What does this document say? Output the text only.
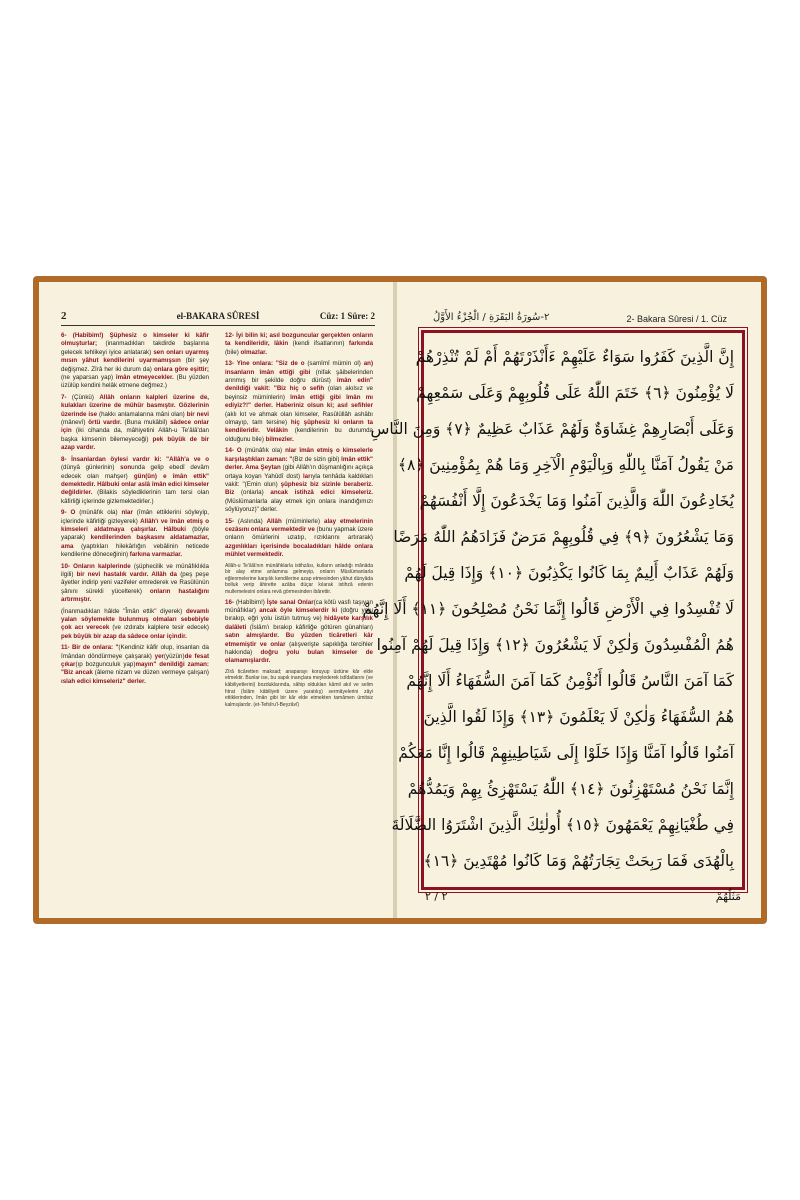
2	el-BAKARA SÛRESİ	Cüz: 1 Süre: 2

6- (Habîbim!) Şüphesiz o kimseler ki kâfir olmuşturlar; (inanmadıkları takdirde başlarına gelecek tehlikeyi iyice anlatarak) sen onları uyarmış mısın yâhut kendilerini uyarmamışsın (bir şey değişmez. Zîrâ her iki durum da) onlara göre eşittir; (ne yaparsan yap) îmân etmeyecekler. (Bu yüzden üzülüp kendini helâk etmene değmez.)

7- (Çünkü) Allâh onların kalpleri üzerine de, kulakları üzerine de mühür basmıştır. Gözlerinin üzerinde ise (hakkı anlamalarına mâni olan) bir nevi (mânevî) örtü vardır. (Buna mukâbil) sâdece onlar için (iki cihanda da, mâhiyetini Allâh-u Te'âlâ'dan başka kimsenin bilemeyeceği) pek büyük de bir azap vardır.

8- İnsanlardan öylesi vardır ki: "Allâh'a ve o (dünyâ günlerinin) sonunda gelip ebedî devâm edecek olan mahşer) gün(ün) e îmân ettik" demektedir. Hâlbuki onlar aslâ îmân edici kimseler değildirler. (Bilakis söylediklerinin tam tersi olan kâfirliği içlerinde gizlemektedirler.)

9- O (münâfık ola) nlar (îmân ettiklerini söyleyip, içlerinde kâfirliği gizleyerek) Allâh'ı ve îmân etmiş o kimseleri aldatmaya çalışırlar. Hâlbuki (böyle yaparak) kendilerinden başkasını aldatamazlar, ama (yaptıkları hilekârlığın vebâlinin neticede kendilerine döneceğinin) farkına varmazlar.

10- Onların kalplerinde (şüphecilik ve münâfıklıkla ilgili) bir nevi hastalık vardır. Allâh da (peş peşe âyetler indirip yeni vazifeler emrederek ve Rasûlünün şânını sürekli yücelterek) onların hastalığını artırmıştır.

(İnanmadıkları hâlde "Îmân ettik" diyerek) devamlı yalan söylemekte bulunmuş olmaları sebebiyle çok acı verecek (ve ızdırabı kalplere tesir edecek) pek büyük bir azap da sâdece onlar içindir.

11- Bir de onlara: "(Kendiniz kâfir olup, insanları da îmândan döndürmeye çalışarak) yer(yüzün)de fesat çıkar(ıp bozgunculuk yap)mayın" denildiği zaman: "Biz ancak (âleme nizam ve düzen vermeye çalışan) ıslah edici kimseleriz" derler.

12- İyi bilin ki; asıl bozguncular gerçekten onların ta kendileridir, lâkin (kendi ifsatlarının) farkında (bile) olmazlar.

13- Yine onlara: "Siz de o (samîmî mümin ol) an) insanların îmân ettiği gibi (nifak şâibelerinden arınmış bir şekilde doğru dürüst) îmân edin" denildiği vakit: "Biz hiç o sefih (olan akılsız ve beyinsiz müminlerin) îmân ettiği gibi îmân mı ediyiz?!" derler. Haberiniz olsun ki; asıl sefihler (aklı kıt ve ahmak olan kimseler, Rasûlüllâh ashâbı olmayıp, tam tersine) hiç şüphesiz ki onların ta kendileridir. Velâkin (kendilerinin bu durumda olduğunu bile) bilmezler.

14- O (münâfık ola) nlar îmân etmiş o kimselerle karşılaştıkları zaman: "(Biz de sizin gibi) îmân ettik" derler. Ama Şeytan (gibi Allâh'ın düşmanlığını açıkça ortaya koyan Yahûdî dost) larıyla tenhâda kaldıkları vakit: "(Emin olun) şüphesiz biz sizinle beraberiz. Biz (onlarla) ancak istihzâ edici kimseleriz. (Müslümanlarla alay etmek için onlara inandığımızı söylüyoruz)" derler.

15- (Aslında) Allâh (müminlerle) alay etmelerinin cezâsını onlara vermektedir ve (bunu yapmak üzere onların ömürlerini uzatıp, rızıklarını artırarak) azgınlıkları içerisinde bocaladıkları hâlde onlara mühlet vermektedir.

Allâh-u Te'âlâ'nın münâfıklarla istihzâsı, kulların anladığı mânâda bir alay etme anlamına gelmeyip, onların Müslümanlarla eğlenmelerine karşılık kendilerine azap etmesinden yâhut dünyâda bolluk verip âhirette azâba düçar kılarak istihzâ edenin mullemelesini onlara revâ görmesinden ibârettir.

16- (Habîbim!) İşte sanal Onlar(ca kötü vasfı taşıyan münâfıklar) ancak öyle kimselerdir ki (doğru yolu bırakıp, eğri yolu üstün tutmuş ve) hidâyete karşılık dalâleti (İslâm'ı bırakıp kâfirliğe götüren günahları) satın almışlardır. Bu yüzden ticâretleri kâr etmemiştir ve onlar (alışverişte sapıklığa tercihler hakkında) doğru yolu bulan kimseler de olamamışlardır.

Zîrâ ticâretten maksad; anaparayı koruyup üstüne kâr elde etmektir. Bunlar ise, bu sapık inançlara meylederek istîdatlarını (ve kâbiliyetlerini) bozduklarında, sâhip oldukları kâmil akıl ve selim fıtrat (İslâm kâbiliyeti üzere yaratılış) sermâyelerini zâyi ettiklerinden, îmân gibi bir kâr elde etmekten tamâmen ümitsiz kalmışlardır. (et-Tefsîru'l-Beyzâvî)

٢-سُورَةُ البَقَرَةِ / الْجُزْءُ الأَوَّلُ	2- Bakara Sûresi / 1. Cüz
إِنَّ الَّذِينَ كَفَرُوا سَوَاءٌ عَلَيْهِمْ ءَأَنْذَرْتَهُمْ أَمْ لَمْ تُنْذِرْهُمْ
لَا يُؤْمِنُونَ ﴿٦﴾ خَتَمَ اللّٰهُ عَلَى قُلُوبِهِمْ وَعَلَى سَمْعِهِمْ
وَعَلَى أَبْصَارِهِمْ غِشَاوَةٌ وَلَهُمْ عَذَابٌ عَظِيمٌ ﴿٧﴾ وَمِنَ النَّاسِ
مَنْ يَقُولُ آمَنَّا بِاللّٰهِ وَبِالْيَوْمِ الْآخِرِ وَمَا هُمْ بِمُؤْمِنِينَ ﴿٨﴾
يُخَادِعُونَ اللّٰهَ وَالَّذِينَ آمَنُوا وَمَا يَخْدَعُونَ إِلَّا أَنْفُسَهُمْ
وَمَا يَشْعُرُونَ ﴿٩﴾ فِي قُلُوبِهِمْ مَرَضٌ فَزَادَهُمُ اللّٰهُ مَرَضًا
وَلَهُمْ عَذَابٌ أَلِيمٌ بِمَا كَانُوا يَكْذِبُونَ ﴿١٠﴾ وَإِذَا قِيلَ لَهُمْ
لَا تُفْسِدُوا فِي الْأَرْضِ قَالُوا إِنَّمَا نَحْنُ مُصْلِحُونَ ﴿١١﴾ أَلَا إِنَّهُمْ
هُمُ الْمُفْسِدُونَ وَلٰكِنْ لَا يَشْعُرُونَ ﴿١٢﴾ وَإِذَا قِيلَ لَهُمْ آمِنُوا
كَمَا آمَنَ النَّاسُ قَالُوا أَنُؤْمِنُ كَمَا آمَنَ السُّفَهَاءُ أَلَا إِنَّهُمْ
هُمُ السُّفَهَاءُ وَلٰكِنْ لَا يَعْلَمُونَ ﴿١٣﴾ وَإِذَا لَقُوا الَّذِينَ
آمَنُوا قَالُوا آمَنَّا وَإِذَا خَلَوْا إِلَى شَيَاطِينِهِمْ قَالُوا إِنَّا مَعَكُمْ
إِنَّمَا نَحْنُ مُسْتَهْزِئُونَ ﴿١٤﴾ اللّٰهُ يَسْتَهْزِئُ بِهِمْ وَيَمُدُّهُمْ
فِي طُغْيَانِهِمْ يَعْمَهُونَ ﴿١٥﴾ أُولٰئِكَ الَّذِينَ اشْتَرَوُا الضَّلَالَةَ
بِالْهُدَى فَمَا رَبِحَتْ تِجَارَتُهُمْ وَمَا كَانُوا مُهْتَدِينَ ﴿١٦﴾
مَثَلُهُمْ
٢ / ٢
